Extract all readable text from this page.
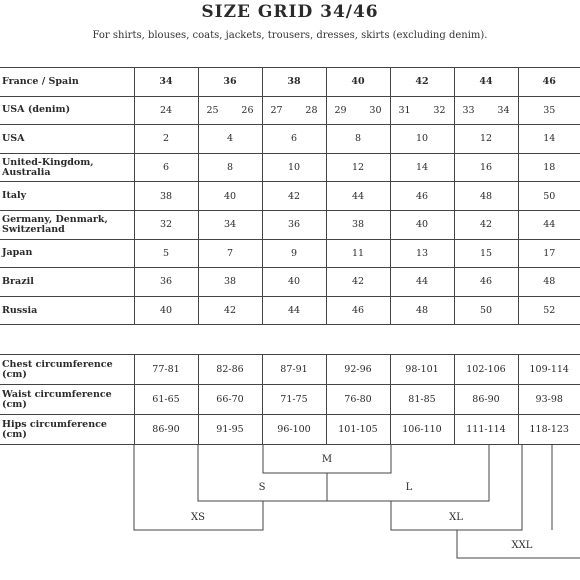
SIZE GRID 34/46
For shirts, blouses, coats, jackets, trousers, dresses, skirts (excluding denim).
France / Spain	34	36	38	40	42	44	46
USA (denim)	24	25 26	27 28	29 30	31 32	33 34	35
USA	2	4	6	8	10	12	14
United-Kingdom, Australia	6	8	10	12	14	16	18
Italy	38	40	42	44	46	48	50
Germany, Denmark, Switzerland	32	34	36	38	40	42	44
Japan	5	7	9	11	13	15	17
Brazil	36	38	40	42	44	46	48
Russia	40	42	44	46	48	50	52
Chest circumference (cm)	77-81	82-86	87-91	92-96	98-101	102-106	109-114
Waist circumference (cm)	61-65	66-70	71-75	76-80	81-85	86-90	93-98
Hips circumference (cm)	86-90	91-95	96-100	101-105	106-110	111-114	118-123
M
S	L
XS	XL
XXL
